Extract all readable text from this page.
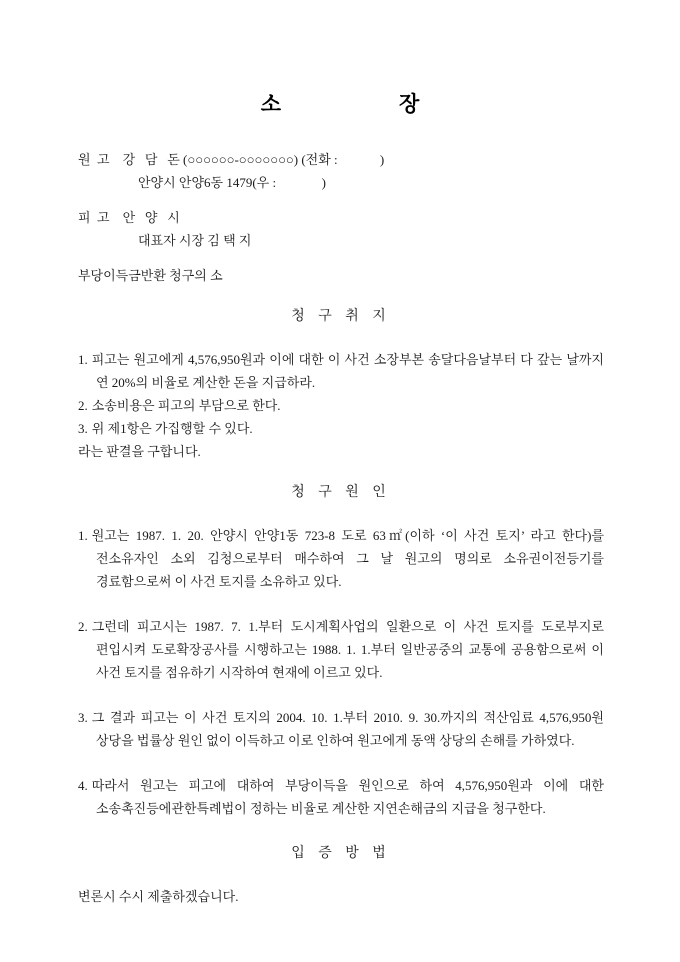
소                장
원  고    강   담   돈 (○○○○○○-○○○○○○○) (전화 :             )
안양시 안양6동 1479(우 :              )
피  고    안   양   시
대표자 시장 김 택 지
부당이득금반환 청구의 소
청 구 취 지
1. 피고는 원고에게 4,576,950원과 이에 대한 이 사건 소장부본 송달다음날부터 다 갚는 날까지 연 20%의 비율로 계산한 돈을 지급하라.
2. 소송비용은 피고의 부담으로 한다.
3. 위 제1항은 가집행할 수 있다.
라는 판결을 구합니다.
청 구 원 인
1. 원고는 1987. 1. 20. 안양시 안양1동 723-8 도로 63㎡(이하 ‘이 사건 토지’ 라고 한다)를 전소유자인 소외 김청으로부터 매수하여 그 날 원고의 명의로 소유권이전등기를 경료함으로써 이 사건 토지를 소유하고 있다.
2. 그런데 피고시는 1987. 7. 1.부터 도시계획사업의 일환으로 이 사건 토지를 도로부지로 편입시켜 도로확장공사를 시행하고는 1988. 1. 1.부터 일반공중의 교통에 공용함으로써 이 사건 토지를 점유하기 시작하여 현재에 이르고 있다.
3. 그 결과 피고는 이 사건 토지의 2004. 10. 1.부터 2010. 9. 30.까지의 적산임료 4,576,950원 상당을 법률상 원인 없이 이득하고 이로 인하여 원고에게 동액 상당의 손해를 가하였다.
4. 따라서 원고는 피고에 대하여 부당이득을 원인으로 하여 4,576,950원과 이에 대한 소송촉진등에관한특례법이 정하는 비율로 계산한 지연손해금의 지급을 청구한다.
입 증 방 법
변론시 수시 제출하겠습니다.
